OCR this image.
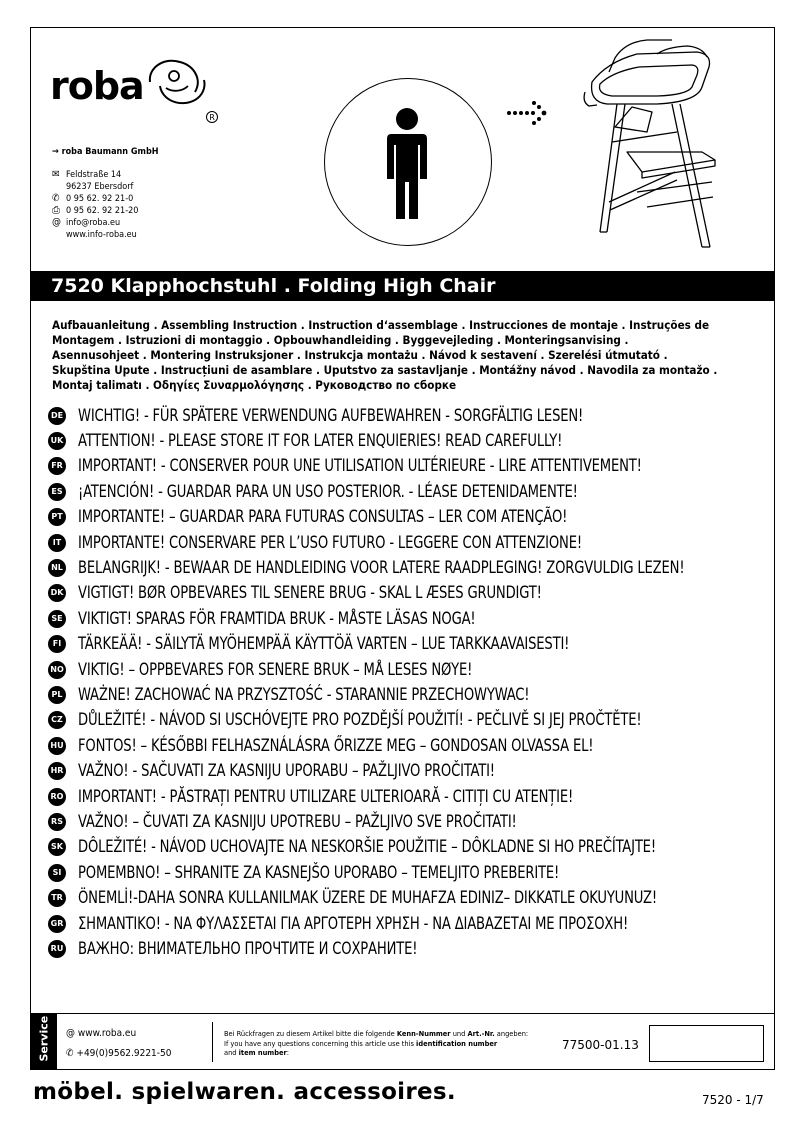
roba
R
→ roba Baumann GmbH
✉ Feldstraße 14
96237 Ebersdorf
✆ 0 95 62. 92 21-0
⎙ 0 95 62. 92 21-20
@ info@roba.eu
www.info-roba.eu
7520 Klapphochstuhl . Folding High Chair
Aufbauanleitung . Assembling Instruction . Instruction d‘assemblage . Instrucciones de montaje . Instruções de
Montagem . Istruzioni di montaggio . Opbouwhandleiding . Byggevejleding . Monteringsanvising .
Asennusohjeet . Montering Instruksjoner . Instrukcja montażu . Návod k sestavení . Szerelési útmutató .
Skupština Upute . Instrucțiuni de asamblare . Uputstvo za sastavljanje . Montážny návod . Navodila za montažo .
Montaj talimatı . Οδηγίες Συναρμολόγησης . Руководство по сборке
DE WICHTIG! - FÜR SPÄTERE VERWENDUNG AUFBEWAHREN - SORGFÄLTIG LESEN!
UK ATTENTION! - PLEASE STORE IT FOR LATER ENQUIERIES! READ CAREFULLY!
FR IMPORTANT! - CONSERVER POUR UNE UTILISATION ULTÉRIEURE - LIRE ATTENTIVEMENT!
ES ¡ATENCIÓN! - GUARDAR PARA UN USO POSTERIOR. - LÉASE DETENIDAMENTE!
PT IMPORTANTE! – GUARDAR PARA FUTURAS CONSULTAS – LER COM ATENÇÃO!
IT IMPORTANTE! CONSERVARE PER L’USO FUTURO - LEGGERE CON ATTENZIONE!
NL BELANGRIJK! - BEWAAR DE HANDLEIDING VOOR LATERE RAADPLEGING! ZORGVULDIG LEZEN!
DK VIGTIGT! BØR OPBEVARES TIL SENERE BRUG - SKAL L ÆSES GRUNDIGT!
SE VIKTIGT! SPARAS FÖR FRAMTIDA BRUK - MÅSTE LÄSAS NOGA!
FI TÄRKEÄÄ! - SÄILYTÄ MYÖHEMPÄÄ KÄYTTÖÄ VARTEN – LUE TARKKAAVAISESTI!
NO VIKTIG! – OPPBEVARES FOR SENERE BRUK – MÅ LESES NØYE!
PL WAŻNE! ZACHOWAĆ NA PRZYSZTOŚĆ - STARANNIE PRZECHOWYWAC!
CZ DŮLEŽITÉ! - NÁVOD SI USCHÓVEJTE PRO POZDĚJŠÍ POUŽITÍ! - PEČLIVĚ SI JEJ PROČTĚTE!
HU FONTOS! – KÉSŐBBI FELHASZNÁLÁSRA ŐRIZZE MEG – GONDOSAN OLVASSA EL!
HR VAŽNO! - SAČUVATI ZA KASNIJU UPORABU – PAŽLJIVO PROČITATI!
RO IMPORTANT! - PĂSTRAȚI PENTRU UTILIZARE ULTERIOARĂ - CITIȚI CU ATENȚIE!
RS VAŽNO! – ČUVATI ZA KASNIJU UPOTREBU – PAŽLJIVO SVE PROČITATI!
SK DÔLEŽITÉ! - NÁVOD UCHOVAJTE NA NESKORŠIE POUŽITIE – DÔKLADNE SI HO PREČÍTAJTE!
SI POMEMBNO! – SHRANITE ZA KASNEJŠO UPORABO – TEMELJITO PREBERITE!
TR ÖNEMLİ!-DAHA SONRA KULLANILMAK ÜZERE DE MUHAFZA EDINIZ– DIKKATLE OKUYUNUZ!
GR ΣΗΜΑΝΤΙΚΟ! - ΝΑ ΦΥΛΑΣΣΕΤΑΙ ΓΙΑ ΑΡΓΟΤΕΡΗ ΧΡΗΣΗ - ΝΑ ΔΙΑΒΑΖΕΤΑΙ ΜΕ ΠΡΟΣΟΧΗ!
RU ВАЖНО: ВНИМАТЕЛЬНО ПРОЧТИТЕ И СОХРАНИТЕ!
Service @ www.roba.eu
✆ +49(0)9562.9221-50
Bei Rückfragen zu diesem Artikel bitte die folgende Kenn-Nummer und Art.-Nr. angeben:
If you have any questions concerning this article use this identification number
and item number:
77500-01.13
möbel. spielwaren. accessoires.	7520 - 1/7
